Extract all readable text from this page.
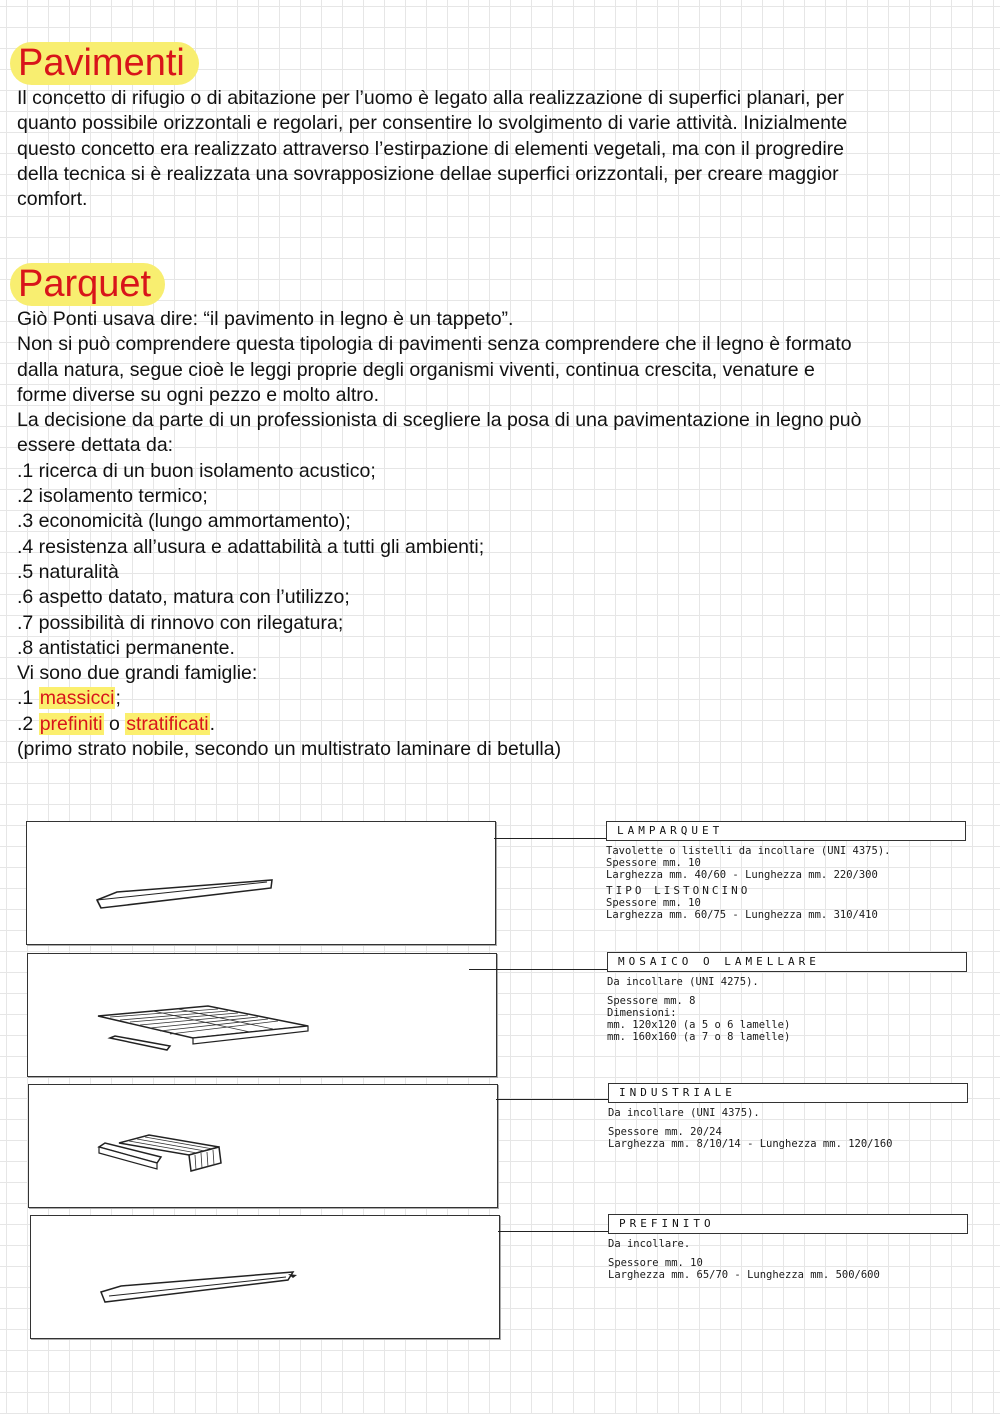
Pavimenti

Il concetto di rifugio o di abitazione per l’uomo è legato alla realizzazione di superfici planari, per
quanto possibile orizzontali e regolari, per consentire lo svolgimento di varie attività. Inizialmente
questo concetto era realizzato attraverso l’estirpazione di elementi vegetali, ma con il progredire
della tecnica si è realizzata una sovrapposizione dellae superfici orizzontali, per creare maggior
comfort.

Parquet

Giò Ponti usava dire: “il pavimento in legno è un tappeto”.
Non si può comprendere questa tipologia di pavimenti senza comprendere che il legno è formato
dalla natura, segue cioè le leggi proprie degli organismi viventi, continua crescita, venature e
forme diverse su ogni pezzo e molto altro.
La decisione da parte di un professionista di scegliere la posa di una pavimentazione in legno può
essere dettata da:
.1 ricerca di un buon isolamento acustico;
.2 isolamento termico;
.3 economicità (lungo ammortamento);
.4 resistenza all’usura e adattabilità a tutti gli ambienti;
.5 naturalità
.6 aspetto datato, matura con l’utilizzo;
.7 possibilità di rinnovo con rilegatura;
.8 antistatici permanente.
Vi sono due grandi famiglie:
.1 massicci;
.2 prefiniti o stratificati.
(primo strato nobile, secondo un multistrato laminare di betulla)

LAMPARQUET
Tavolette o listelli da incollare (UNI 4375).
Spessore mm. 10
Larghezza mm. 40/60 - Lunghezza mm. 220/300
TIPO LISTONCINO
Spessore mm. 10
Larghezza mm. 60/75 - Lunghezza mm. 310/410
MOSAICO O LAMELLARE
Da incollare (UNI 4275).
Spessore mm. 8
Dimensioni:
mm. 120x120 (a 5 o 6 lamelle)
mm. 160x160 (a 7 o 8 lamelle)
INDUSTRIALE
Da incollare (UNI 4375).
Spessore mm. 20/24
Larghezza mm. 8/10/14 - Lunghezza mm. 120/160
PREFINITO
Da incollare.
Spessore mm. 10
Larghezza mm. 65/70 - Lunghezza mm. 500/600
